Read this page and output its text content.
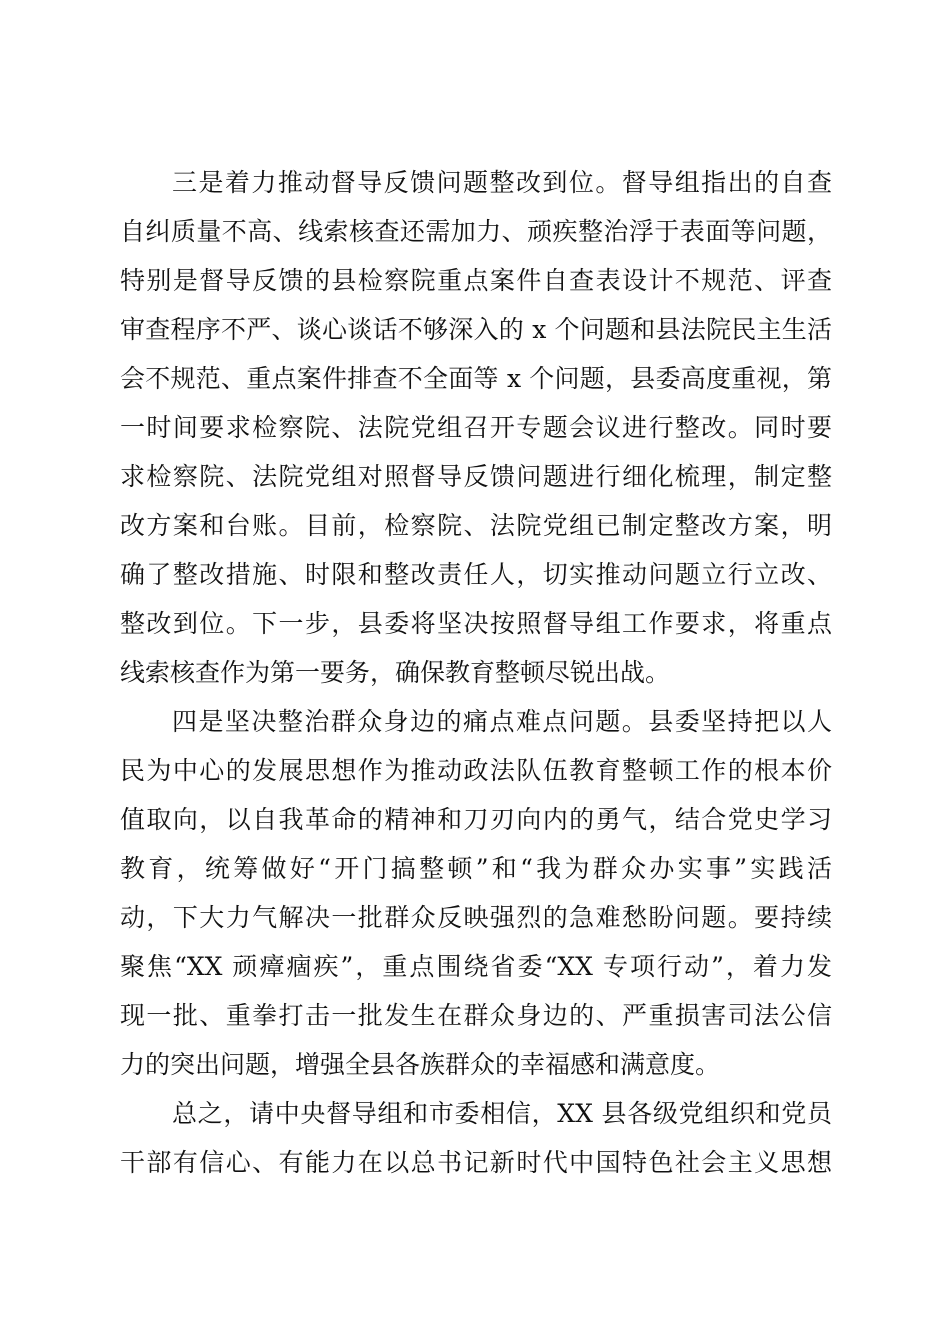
三是着力推动督导反馈问题整改到位。督导组指出的自查
自纠质量不高、线索核查还需加力、顽疾整治浮于表面等问题，
特别是督导反馈的县检察院重点案件自查表设计不规范、评查
审查程序不严、谈心谈话不够深入的 x 个问题和县法院民主生活
会不规范、重点案件排查不全面等 x 个问题，县委高度重视，第
一时间要求检察院、法院党组召开专题会议进行整改。同时要
求检察院、法院党组对照督导反馈问题进行细化梳理，制定整
改方案和台账。目前，检察院、法院党组已制定整改方案，明
确了整改措施、时限和整改责任人，切实推动问题立行立改、
整改到位。下一步，县委将坚决按照督导组工作要求，将重点
线索核查作为第一要务，确保教育整顿尽锐出战。
四是坚决整治群众身边的痛点难点问题。县委坚持把以人
民为中心的发展思想作为推动政法队伍教育整顿工作的根本价
值取向，以自我革命的精神和刀刃向内的勇气，结合党史学习
教育，统筹做好“开门搞整顿”和“我为群众办实事”实践活
动，下大力气解决一批群众反映强烈的急难愁盼问题。要持续
聚焦“XX 顽瘴痼疾”，重点围绕省委“XX 专项行动”，着力发
现一批、重拳打击一批发生在群众身边的、严重损害司法公信
力的突出问题，增强全县各族群众的幸福感和满意度。
总之，请中央督导组和市委相信，XX 县各级党组织和党员
干部有信心、有能力在以总书记新时代中国特色社会主义思想
